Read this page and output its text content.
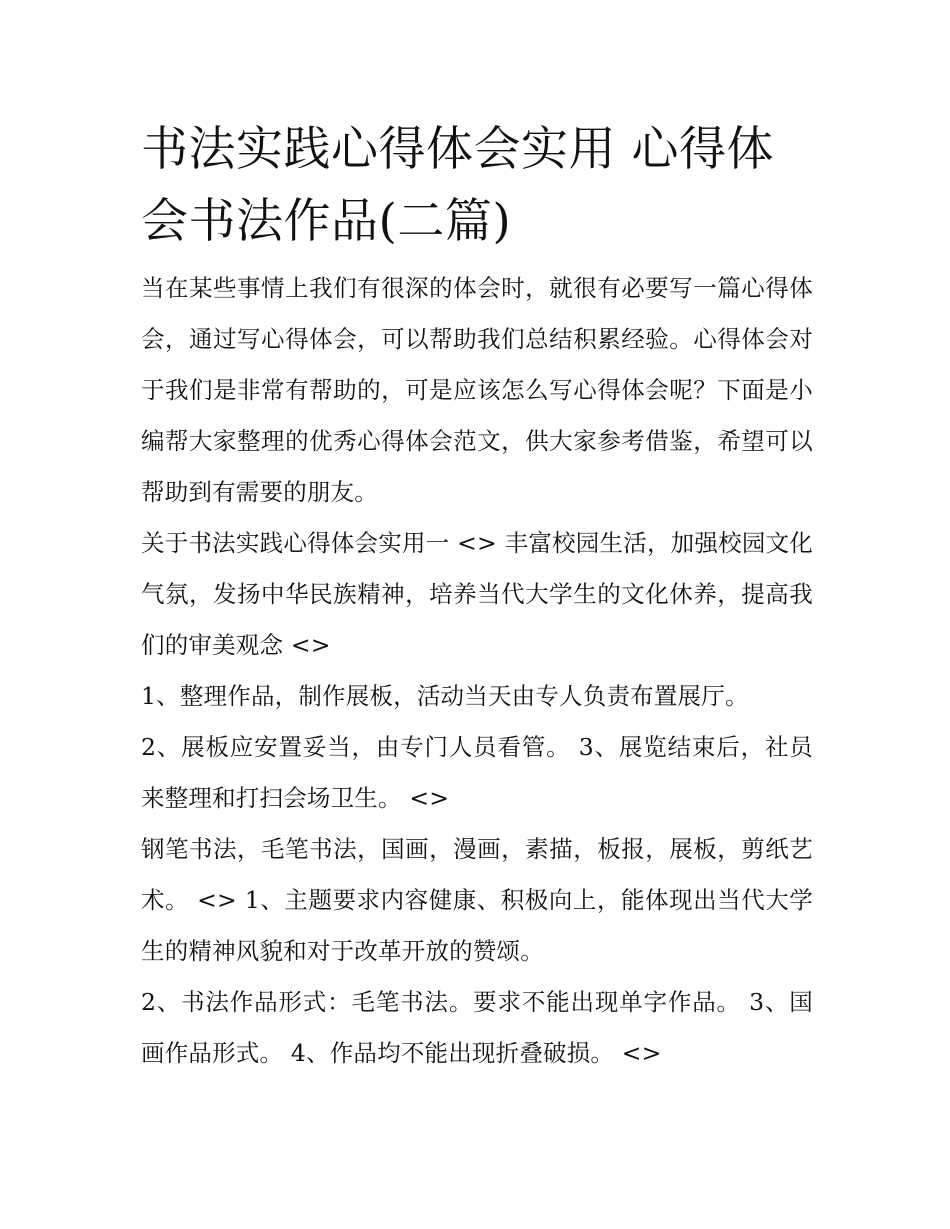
书法实践心得体会实用 心得体会书法作品(二篇)

当在某些事情上我们有很深的体会时，就很有必要写一篇心得体会，通过写心得体会，可以帮助我们总结积累经验。心得体会对于我们是非常有帮助的，可是应该怎么写心得体会呢？下面是小编帮大家整理的优秀心得体会范文，供大家参考借鉴，希望可以帮助到有需要的朋友。

关于书法实践心得体会实用一 <> 丰富校园生活，加强校园文化气氛，发扬中华民族精神，培养当代大学生的文化休养，提高我们的审美观念 <>

1、整理作品，制作展板，活动当天由专人负责布置展厅。

2、展板应安置妥当，由专门人员看管。 3、展览结束后，社员来整理和打扫会场卫生。 <>

钢笔书法，毛笔书法，国画，漫画，素描，板报，展板，剪纸艺术。 <> 1、主题要求内容健康、积极向上，能体现出当代大学生的精神风貌和对于改革开放的赞颂。

2、书法作品形式：毛笔书法。要求不能出现单字作品。 3、国画作品形式。 4、作品均不能出现折叠破损。 <>
